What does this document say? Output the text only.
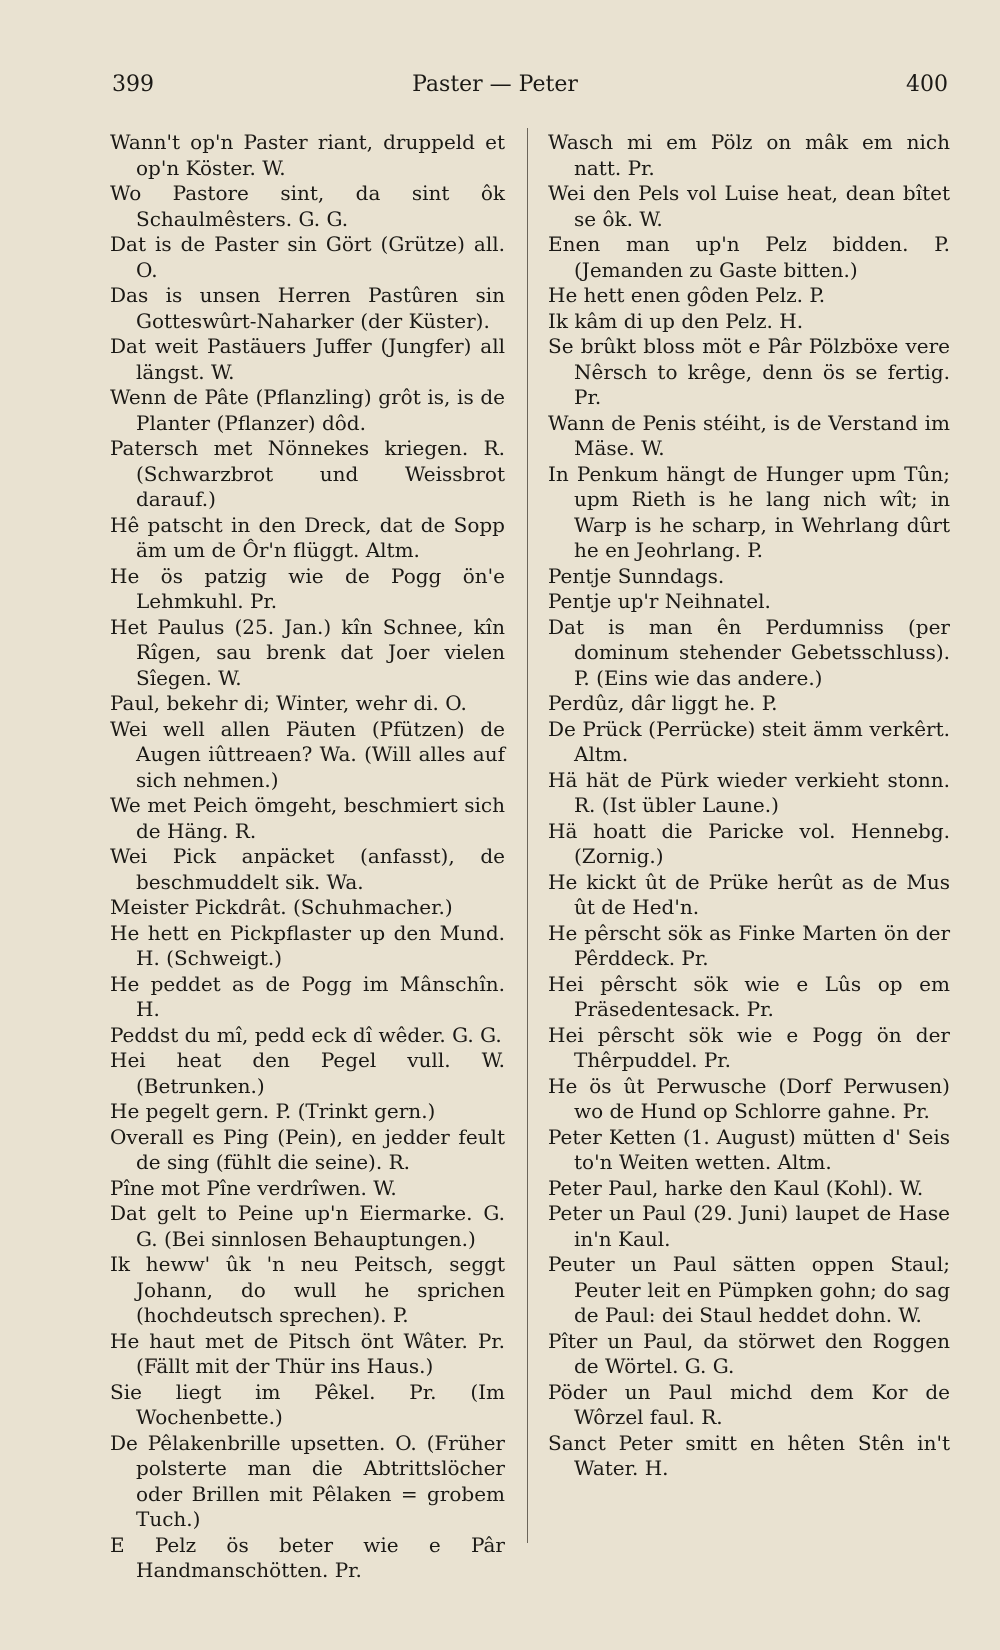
399	Paster — Peter	400

Wann't op'n Paster riant, druppeld et op'n Köster. W.

Wo Pastore sint, da sint ôk Schaulmêsters. G. G.

Dat is de Paster sin Gört (Grütze) all. O.

Das is unsen Herren Pastûren sin Gotteswûrt-Naharker (der Küster).

Dat weit Pastäuers Juffer (Jungfer) all längst. W.

Wenn de Pâte (Pflanzling) grôt is, is de Planter (Pflanzer) dôd.

Patersch met Nönnekes kriegen. R. (Schwarzbrot und Weissbrot darauf.)

Hê patscht in den Dreck, dat de Sopp äm um de Ôr'n flüggt. Altm.

He ös patzig wie de Pogg ön'e Lehmkuhl. Pr.

Het Paulus (25. Jan.) kîn Schnee, kîn Rîgen, sau brenk dat Joer vielen Sîegen. W.

Paul, bekehr di; Winter, wehr di. O.

Wei well allen Päuten (Pfützen) de Augen iûttreaen? Wa. (Will alles auf sich nehmen.)

We met Peich ömgeht, beschmiert sich de Häng. R.

Wei Pick anpäcket (anfasst), de beschmuddelt sik. Wa.

Meister Pickdrât. (Schuhmacher.)

He hett en Pickpflaster up den Mund. H. (Schweigt.)

He peddet as de Pogg im Mânschîn. H.

Peddst du mî, pedd eck dî wêder. G. G.

Hei heat den Pegel vull. W. (Betrunken.)

He pegelt gern. P. (Trinkt gern.)

Overall es Ping (Pein), en jedder feult de sing (fühlt die seine). R.

Pîne mot Pîne verdrîwen. W.

Dat gelt to Peine up'n Eiermarke. G. G. (Bei sinnlosen Behauptungen.)

Ik heww' ûk 'n neu Peitsch, seggt Johann, do wull he sprichen (hochdeutsch sprechen). P.

He haut met de Pitsch önt Wâter. Pr. (Fällt mit der Thür ins Haus.)

Sie liegt im Pêkel. Pr. (Im Wochenbette.)

De Pêlakenbrille upsetten. O. (Früher polsterte man die Abtrittslöcher oder Brillen mit Pêlaken = grobem Tuch.)

E Pelz ös beter wie e Pâr Handmanschötten. Pr.

Wasch mi em Pölz on mâk em nich natt. Pr.

Wei den Pels vol Luise heat, dean bîtet se ôk. W.

Enen man up'n Pelz bidden. P. (Jemanden zu Gaste bitten.)

He hett enen gôden Pelz. P.

Ik kâm di up den Pelz. H.

Se brûkt bloss möt e Pâr Pölzböxe vere Nêrsch to krêge, denn ös se fertig. Pr.

Wann de Penis stéiht, is de Verstand im Mäse. W.

In Penkum hängt de Hunger upm Tûn; upm Rieth is he lang nich wît; in Warp is he scharp, in Wehrlang dûrt he en Jeohrlang. P.

Pentje Sunndags.

Pentje up'r Neihnatel.

Dat is man ên Perdumniss (per dominum stehender Gebetsschluss). P. (Eins wie das andere.)

Perdûz, dâr liggt he. P.

De Prück (Perrücke) steit ämm verkêrt. Altm.

Hä hät de Pürk wieder verkieht stonn. R. (Ist übler Laune.)

Hä hoatt die Paricke vol. Hennebg. (Zornig.)

He kickt ût de Prüke herût as de Mus ût de Hed'n.

He pêrscht sök as Finke Marten ön der Pêrddeck. Pr.

Hei pêrscht sök wie e Lûs op em Präsedentesack. Pr.

Hei pêrscht sök wie e Pogg ön der Thêrpuddel. Pr.

He ös ût Perwusche (Dorf Perwusen) wo de Hund op Schlorre gahne. Pr.

Peter Ketten (1. August) mütten d' Seis to'n Weiten wetten. Altm.

Peter Paul, harke den Kaul (Kohl). W.

Peter un Paul (29. Juni) laupet de Hase in'n Kaul.

Peuter un Paul sätten oppen Staul; Peuter leit en Pümpken gohn; do sag de Paul: dei Staul heddet dohn. W.

Pîter un Paul, da störwet den Roggen de Wörtel. G. G.

Pöder un Paul michd dem Kor de Wôrzel faul. R.

Sanct Peter smitt en hêten Stên in't Water. H.
